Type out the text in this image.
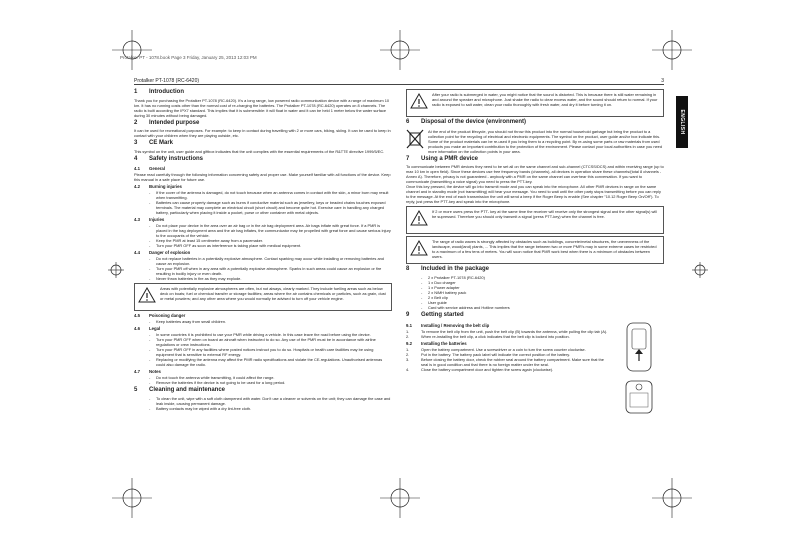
Protalker PT - 1078.book Page 3 Friday, January 25, 2013 12:03 PM
Protalker PT-1078 (RC-6420)	3
ENGLISH
1	Introduction
Thank you for purchasing the Protalker PT-1078 (RC-6420). It's a long range, low powered radio communication device with a range of maximum 10 km. It has no running costs other than the normal cost of re-charging the batteries. The Protalker PT-1078 (RC-6420) operates on 8 channels. The radio is built according the IPX7 standard. This implies that it is submersible: it will float in water and it can be held 1 meter below the water surface during 30 minutes without being damaged.
2	Intended purpose
It can be used for recreational purposes. For example: to keep in contact during travelling with 2 or more cars, biking, skiing. It can be used to keep in contact with your children when they are playing outside, etc.
3	CE Mark
This symbol on the unit, user guide and giftbox indicates that the unit complies with the essential requirements of the R&TTE directive 1999/5/EC.
4	Safety instructions
4.1	General
Please read carefully through the following information concerning safety and proper use. Make yourself familiar with all functions of the device. Keep this manual in a safe place for future use.
4.2	Burning injuries
-	If the cover of the antenna is damaged, do not touch because when an antenna comes in contact with the skin, a minor burn may result when transmitting.
-	Batteries can cause property damage such as burns if conductive material such as jewellery, keys or beaded chains touches exposed terminals. The material may complete an electrical circuit (short circuit) and become quite hot. Exercise care in handling any charged battery, particularly when placing it inside a pocket, purse or other container with metal objects.
4.3	Injuries
-	Do not place your device in the area over an air bag or in the air bag deployment area. Air bags inflate with great force. If a PMR is placed in the bag deployment area and the air bag inflates, the communicator may be propelled with great force and cause serious injury to the occupants of the vehicle.
-	Keep the PMR at least 15 centimetre away from a pacemaker.
-	Turn your PMR OFF as soon as interference is taking place with medical equipment.
4.4	Danger of explosion
-	Do not replace batteries in a potentially explosive atmosphere. Contact sparking may occur while installing or removing batteries and cause an explosion.
-	Turn your PMR off when in any area with a potentially explosive atmosphere. Sparks in such areas could cause an explosion or fire resulting in bodily injury or even death.
-	Never throw batteries in fire as they may explode.
Areas with potentially explosive atmospheres are often, but not always, clearly marked. They include fuelling areas such as below deck on boats; fuel or chemical transfer or storage facilities; areas where the air contains chemicals or particles, such as grain, dust or metal powders; and any other area where you would normally be advised to turn off your vehicle engine.
4.5	Poisoning danger
-	Keep batteries away from small children.
4.6	Legal
-	In some countries it is prohibited to use your PMR while driving a vehicle. In this case leave the road before using the device.
-	Turn your PMR OFF when on board an aircraft when instructed to do so. Any use of the PMR must be in accordance with airline regulations or crew instructions.
-	Turn your PMR OFF in any facilities where posted notices instruct you to do so. Hospitals or health care facilities may be using equipment that is sensitive to external RF energy.
-	Replacing or modifying the antenna may affect the PMR radio specifications and violate the CE-regulations. Unauthorised antennas could also damage the radio.
4.7	Notes
-	Do not touch the antenna while transmitting, it could affect the range.
-	Remove the batteries if the device is not going to be used for a long period.
5	Cleaning and maintenance
-	To clean the unit, wipe with a soft cloth dampened with water. Don't use a cleaner or solvents on the unit; they can damage the case and leak inside, causing permanent damage.
-	Battery contacts may be wiped with a dry lint-free cloth.
After your radio is submerged in water, you might notice that the sound is distorted. This is because there is still water remaining in and around the speaker and microphone. Just shake the radio to clear excess water, and the sound should return to normal. If your radio is exposed to salt water, clean your radio thoroughly with fresh water, and dry it before turning it on.
6	Disposal of the device (environment)
At the end of the product lifecycle, you should not throw this product into the normal household garbage but bring the product to a collection point for the recycling of electrical and electronic equipments. The symbol on the product, user guide and/or box indicate this.
Some of the product materials can be re-used if you bring them to a recycling point. By re-using some parts or raw materials from used products you make an important contribution to the protection of the environment. Please contact your local authorities in case you need more information on the collection points in your area.
7	Using a PMR device
To communicate between PMR devices they need to be set all on the same channel and sub-channel (CTCSS/DCS) and within receiving range (up to max 10 km in open field). Since these devices use free frequency bands (channels), all devices in operation share these channels/(total 8 channels - Annex A). Therefore, privacy is not guaranteed - anybody with a PMR on the same channel can overhear this conversation. If you want to communicate (transmitting a voice signal) you need to press the PTT-key.
Once this key pressed, the device will go into transmit mode and you can speak into the microphone. All other PMR devices in range on the same channel and in standby mode (not transmitting) will hear your message. You need to wait until the other party stops transmitting before you can reply to the message. At the end of each transmission the unit will send a beep if the Roger Beep is enable (See chapter "10.12 Roger Beep On/Off"). To reply, just press the PTT-key and speak into the microphone.
If 2 or more users press the PTT- key at the same time the receiver will receive only the strongest signal and the other signal(s) will be supressed. Therefore you should only transmit a signal (press PTT-key) when the channel is free.
The range of radio waves is strongly affected by obstacles such as buildings, concrete/metal structures, the unevenness of the landscape, wood(land) plants, ... This implies that the range between two or more PMR's may in some extreme cases be restricted to a maximum of a few tens of meters. You will soon notice that PMR work best when there is a minimum of obstacles between users.
8	Included in the package
-	2 x Protalker PT-1078 (RC-6420)
-	1 x Duo charger
-	1 x Power adapter
-	2 x NiMH battery pack
-	2 x Belt clip
-	User guide
-	Card with service address and Hotline numbers
9	Getting started
9.1	Installing / Removing the belt clip
1.	To remove the belt clip from the unit, push the belt clip (B) towards the antenna, while pulling the clip tab (A).
2.	When re-installing the belt clip, a click indicates that the belt clip is locked into position.
9.2	Installing the batteries
1.	Open the battery compartment. Use a screwdriver or a coin to turn the screw counter clockwise.
2.	Put in the battery. The battery pack label will indicate the correct position of the battery.
3.	Before closing the battery door, check the rubber seal around the battery compartment. Make sure that the seal is in good condition and that there is no foreign matter under the seal.
4.	Close the battery compartment door and tighten the screw again (clockwise).
